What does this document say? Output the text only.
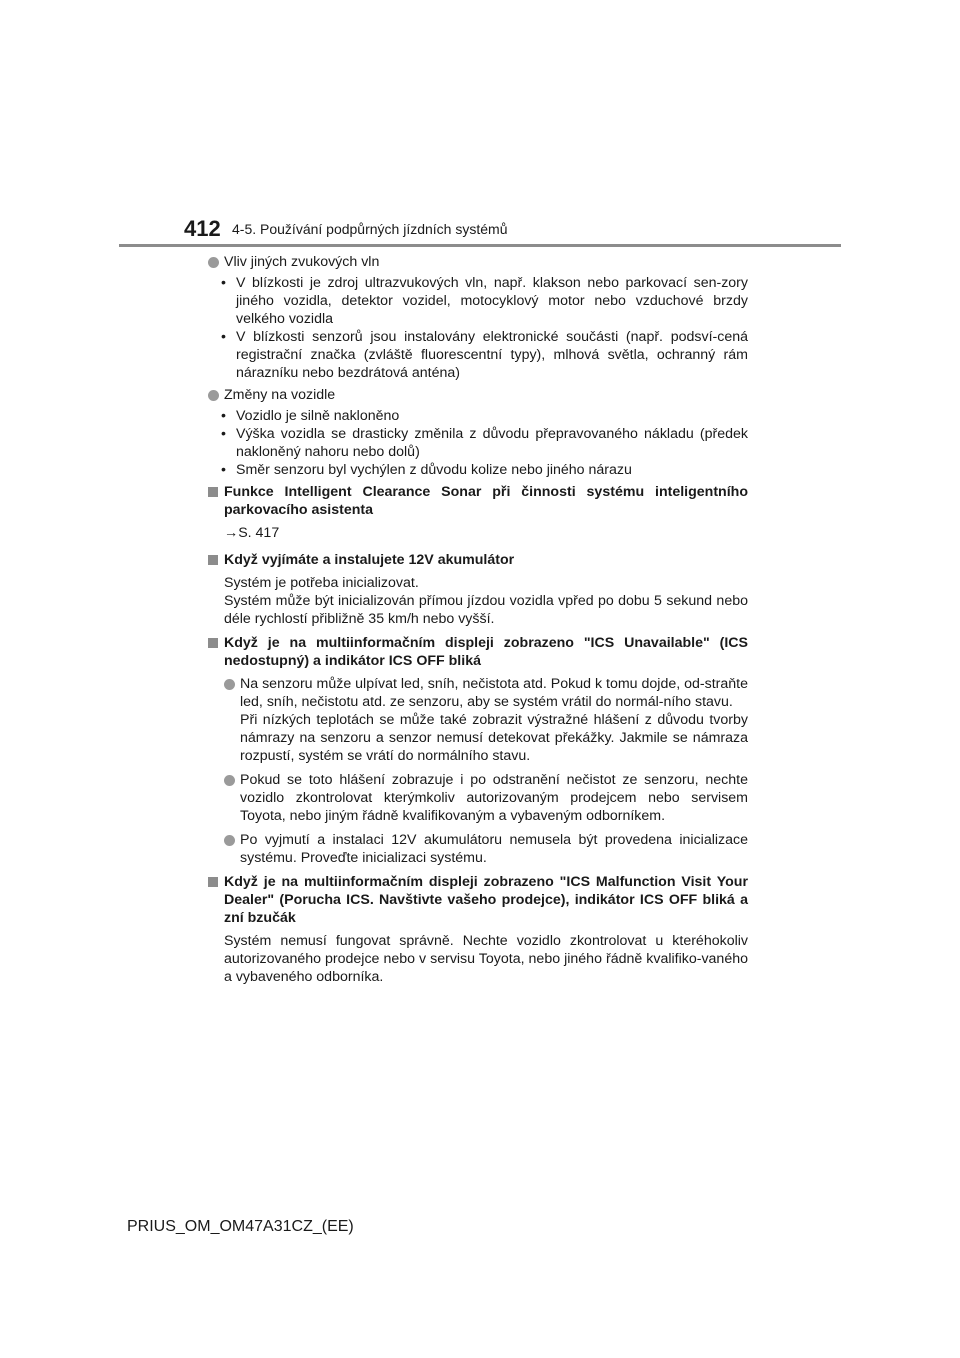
412 4-5. Používání podpůrných jízdních systémů

Vliv jiných zvukových vln

• V blízkosti je zdroj ultrazvukových vln, např. klakson nebo parkovací sen-zory jiného vozidla, detektor vozidel, motocyklový motor nebo vzduchové brzdy velkého vozidla

• V blízkosti senzorů jsou instalovány elektronické součásti (např. podsví-cená registrační značka (zvláště fluorescentní typy), mlhová světla, ochranný rám nárazníku nebo bezdrátová anténa)

Změny na vozidle

• Vozidlo je silně nakloněno

• Výška vozidla se drasticky změnila z důvodu přepravovaného nákladu (předek nakloněný nahoru nebo dolů)

• Směr senzoru byl vychýlen z důvodu kolize nebo jiného nárazu

Funkce Intelligent Clearance Sonar při činnosti systému inteligentního parkovacího asistenta

→S. 417

Když vyjímáte a instalujete 12V akumulátor

Systém je potřeba inicializovat.

Systém může být inicializován přímou jízdou vozidla vpřed po dobu 5 sekund nebo déle rychlostí přibližně 35 km/h nebo vyšší.

Když je na multiinformačním displeji zobrazeno "ICS Unavailable" (ICS nedostupný) a indikátor ICS OFF bliká

Na senzoru může ulpívat led, sníh, nečistota atd. Pokud k tomu dojde, od-straňte led, sníh, nečistotu atd. ze senzoru, aby se systém vrátil do normál-ního stavu.

Při nízkých teplotách se může také zobrazit výstražné hlášení z důvodu tvorby námrazy na senzoru a senzor nemusí detekovat překážky. Jakmile se námraza rozpustí, systém se vrátí do normálního stavu.

Pokud se toto hlášení zobrazuje i po odstranění nečistot ze senzoru, nechte vozidlo zkontrolovat kterýmkoliv autorizovaným prodejcem nebo servisem Toyota, nebo jiným řádně kvalifikovaným a vybaveným odborníkem.

Po vyjmutí a instalaci 12V akumulátoru nemusela být provedena inicializace systému. Proveďte inicializaci systému.

Když je na multiinformačním displeji zobrazeno "ICS Malfunction Visit Your Dealer" (Porucha ICS. Navštivte vašeho prodejce), indikátor ICS OFF bliká a zní bzučák

Systém nemusí fungovat správně. Nechte vozidlo zkontrolovat u kteréhokoliv autorizovaného prodejce nebo v servisu Toyota, nebo jiného řádně kvalifiko-vaného a vybaveného odborníka.

PRIUS_OM_OM47A31CZ_(EE)
